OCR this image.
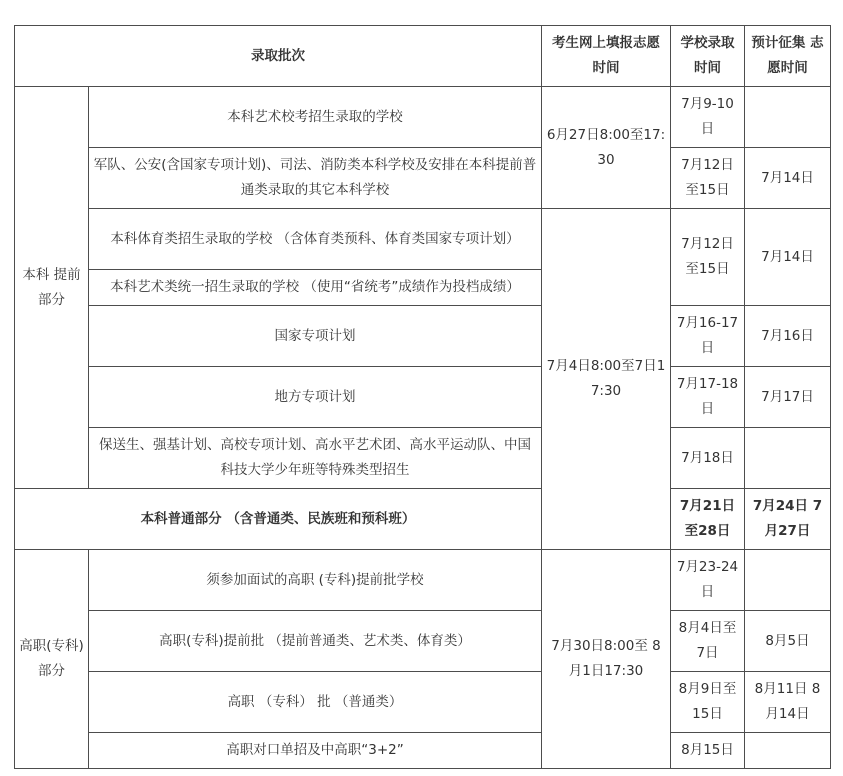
录取批次		考生网上填报志愿时间	学校录取时间	预计征集 志愿时间
本科 提前部分	本科艺术校考招生录取的学校	6月27日8:00至17:30	7月9-10日	
	军队、公安(含国家专项计划)、司法、消防类本科学校及安排在本科提前普通类录取的其它本科学校		7月12日至15日	7月14日
	本科体育类招生录取的学校 （含体育类预科、体育类国家专项计划）	7月4日8:00至7日17:30	7月12日至15日	7月14日
	本科艺术类统一招生录取的学校 （使用“省统考”成绩作为投档成绩）			
	国家专项计划		7月16-17日	7月16日
	地方专项计划		7月17-18日	7月17日
	保送生、强基计划、高校专项计划、高水平艺术团、高水平运动队、中国科技大学少年班等特殊类型招生		7月18日	
本科普通部分 （含普通类、民族班和预科班）			7月21日至28日	7月24日 7月27日
高职(专科) 部分	须参加面试的高职 (专科)提前批学校	7月30日8:00至 8月1日17:30	7月23-24日	
	高职(专科)提前批 （提前普通类、艺术类、体育类）		8月4日至7日	8月5日
	高职 （专科） 批 （普通类）		8月9日至15日	8月11日 8月14日
	高职对口单招及中高职“3+2”		8月15日	
